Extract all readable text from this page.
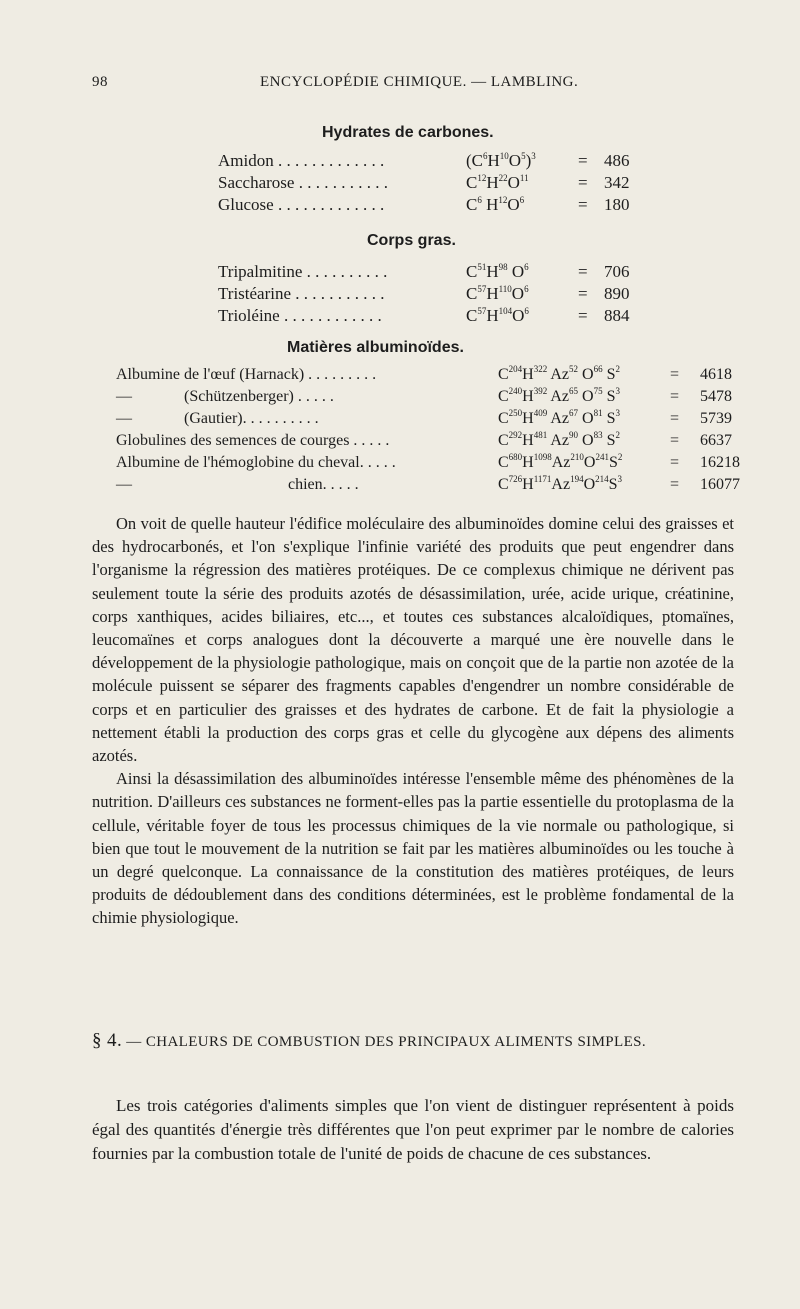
98	ENCYCLOPÉDIE CHIMIQUE. — LAMBLING.
Hydrates de carbones.
Amidon . . . . . . . . . . . . .	$(C^6H^{10}O^5)^3 = 486$
Saccharose . . . . . . . . . . .	$C^{12}H^{22}O^{11}$	= 342
Glucose . . . . . . . . . . . . .	$C^6$ $H^{12}O^6$	= 180
Corps gras.
Tripalmitine . . . . . . . . . .	$C^{51}H^{98}$ $O^6$	= 706
Tristéarine . . . . . . . . . . .	$C^{57}H^{110}O^6$	= 890
Trioléine . . . . . . . . . . . .	$C^{57}H^{104}O^6$	= 884
Matières albuminoïdes.
Albumine de l'œuf (Harnack) . . . . . . . . .	$C^{204}H^{322}$ Az$^{52}$ $O^{66}$ $S^2$	= 4618
—             (Schützenberger) . . . . .	$C^{240}H^{392}$ Az$^{65}$ $O^{75}$ $S^3$	= 5478
—             (Gautier). . . . . . . . . .	$C^{250}H^{409}$ Az$^{67}$ $O^{81}$ $S^3$	= 5739
Globulines des semences de courges . . . . .	$C^{292}H^{481}$ Az$^{90}$ $O^{83}$ $S^2$	= 6637
Albumine de l'hémoglobine du cheval. . . . .	$C^{680}H^{1098}Az^{210}O^{241}S^2$	= 16218
—                                       chien. . . . .	$C^{726}H^{1171}Az^{194}O^{214}S^3$	= 16077

On voit de quelle hauteur l'édifice moléculaire des albuminoïdes domine celui des graisses et des hydrocarbonés, et l'on s'explique l'infinie variété des produits que peut engendrer dans l'organisme la régression des matières protéiques. De ce complexus chimique ne dérivent pas seulement toute la série des produits azotés de désassimilation, urée, acide urique, créatinine, corps xanthiques, acides biliaires, etc..., et toutes ces substances alcaloïdiques, ptomaïnes, leucomaïnes et corps analogues dont la découverte a marqué une ère nouvelle dans le développement de la physiologie pathologique, mais on conçoit que de la partie non azotée de la molécule puissent se séparer des fragments capables d'engendrer un nombre considérable de corps et en particulier des graisses et des hydrates de carbone. Et de fait la physiologie a nettement établi la production des corps gras et celle du glycogène aux dépens des aliments azotés.

Ainsi la désassimilation des albuminoïdes intéresse l'ensemble même des phénomènes de la nutrition. D'ailleurs ces substances ne forment-elles pas la partie essentielle du protoplasma de la cellule, véritable foyer de tous les processus chimiques de la vie normale ou pathologique, si bien que tout le mouvement de la nutrition se fait par les matières albuminoïdes ou les touche à un degré quelconque. La connaissance de la constitution des matières protéiques, de leurs produits de dédoublement dans des conditions déterminées, est le problème fondamental de la chimie physiologique.

§ 4. — CHALEURS DE COMBUSTION DES PRINCIPAUX ALIMENTS SIMPLES.

Les trois catégories d'aliments simples que l'on vient de distinguer représentent à poids égal des quantités d'énergie très différentes que l'on peut exprimer par le nombre de calories fournies par la combustion totale de l'unité de poids de chacune de ces substances.
